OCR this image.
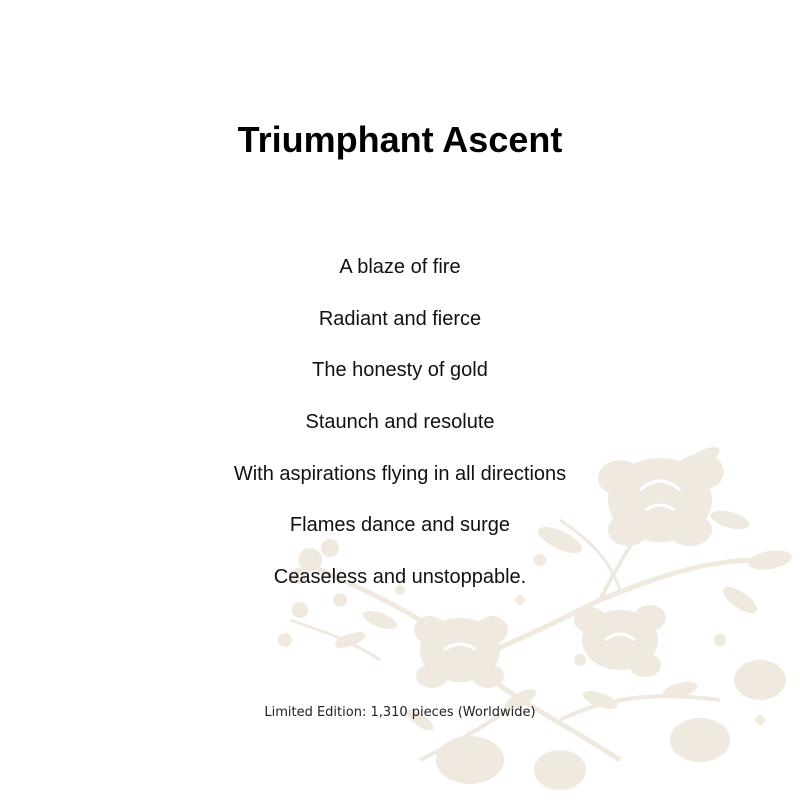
Triumphant Ascent
A blaze of fire
Radiant and fierce
The honesty of gold
Staunch and resolute
With aspirations flying in all directions
Flames dance and surge
Ceaseless and unstoppable.
Limited Edition: 1,310 pieces (Worldwide)
